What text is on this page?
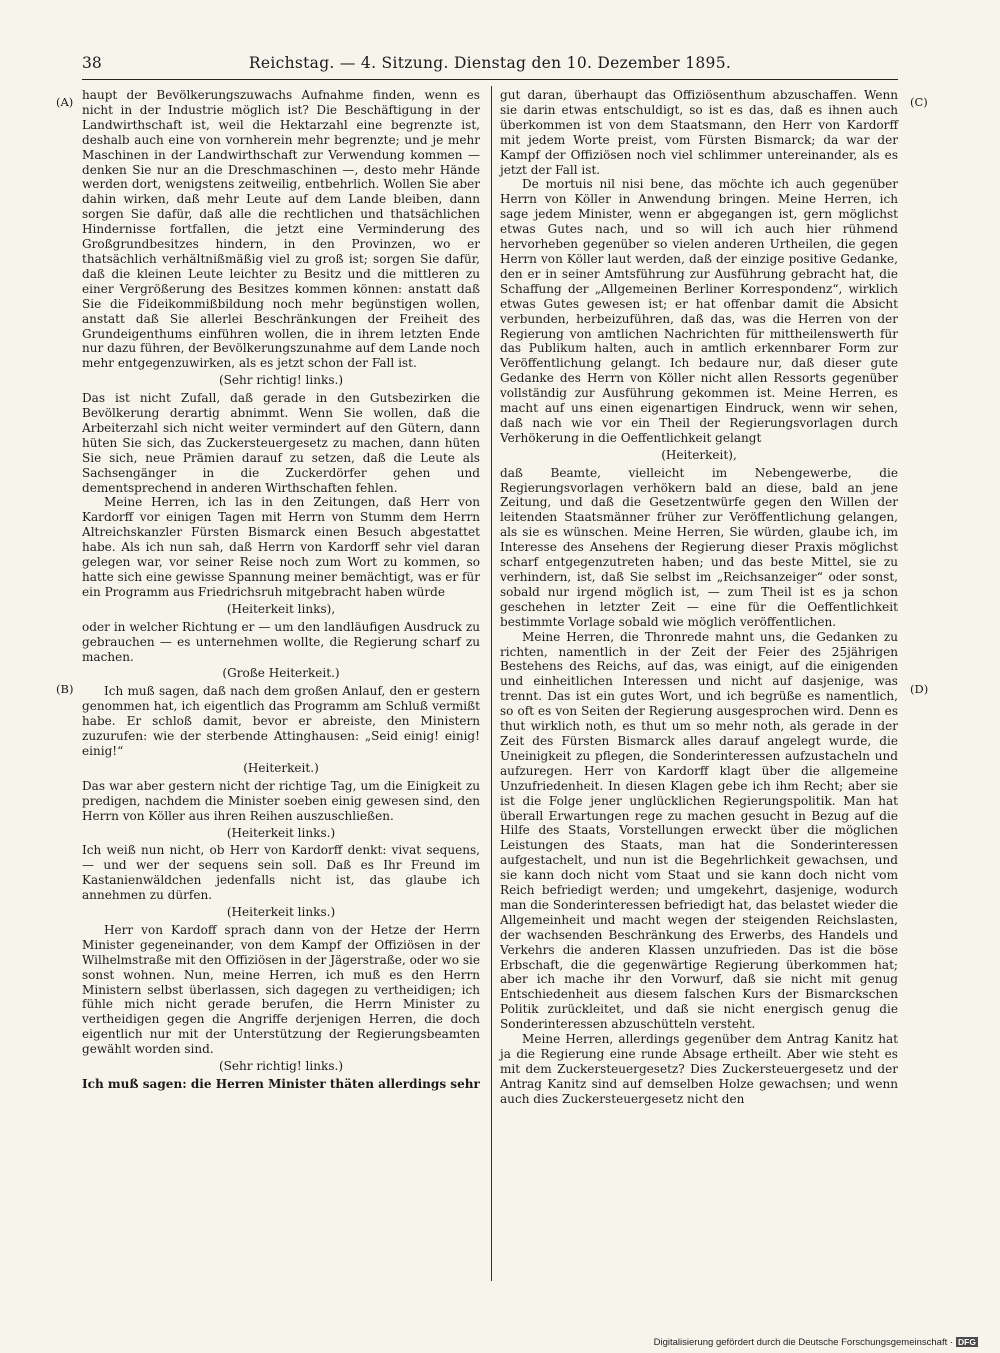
38	Reichstag. — 4. Sitzung. Dienstag den 10. Dezember 1895.
(A)
(B)
(C)
(D)

haupt der Bevölkerungszuwachs Aufnahme finden, wenn es nicht in der Industrie möglich ist? Die Beschäftigung in der Landwirthschaft ist, weil die Hektarzahl eine begrenzte ist, deshalb auch eine von vornherein mehr begrenzte; und je mehr Maschinen in der Landwirthschaft zur Verwendung kommen — denken Sie nur an die Dreschmaschinen —, desto mehr Hände werden dort, wenigstens zeitweilig, entbehrlich. Wollen Sie aber dahin wirken, daß mehr Leute auf dem Lande bleiben, dann sorgen Sie dafür, daß alle die rechtlichen und thatsächlichen Hindernisse fortfallen, die jetzt eine Verminderung des Großgrundbesitzes hindern, in den Provinzen, wo er thatsächlich verhältnißmäßig viel zu groß ist; sorgen Sie dafür, daß die kleinen Leute leichter zu Besitz und die mittleren zu einer Vergrößerung des Besitzes kommen können: anstatt daß Sie die Fideikommißbildung noch mehr begünstigen wollen, anstatt daß Sie allerlei Beschränkungen der Freiheit des Grundeigenthums einführen wollen, die in ihrem letzten Ende nur dazu führen, der Bevölkerungszunahme auf dem Lande noch mehr entgegenzuwirken, als es jetzt schon der Fall ist.

(Sehr richtig! links.)

Das ist nicht Zufall, daß gerade in den Gutsbezirken die Bevölkerung derartig abnimmt. Wenn Sie wollen, daß die Arbeiterzahl sich nicht weiter vermindert auf den Gütern, dann hüten Sie sich, das Zuckersteuergesetz zu machen, dann hüten Sie sich, neue Prämien darauf zu setzen, daß die Leute als Sachsengänger in die Zuckerdörfer gehen und dementsprechend in anderen Wirthschaften fehlen.

Meine Herren, ich las in den Zeitungen, daß Herr von Kardorff vor einigen Tagen mit Herrn von Stumm dem Herrn Altreichskanzler Fürsten Bismarck einen Besuch abgestattet habe. Als ich nun sah, daß Herrn von Kardorff sehr viel daran gelegen war, vor seiner Reise noch zum Wort zu kommen, so hatte sich eine gewisse Spannung meiner bemächtigt, was er für ein Programm aus Friedrichsruh mitgebracht haben würde

(Heiterkeit links),

oder in welcher Richtung er — um den landläufigen Ausdruck zu gebrauchen — es unternehmen wollte, die Regierung scharf zu machen.

(Große Heiterkeit.)

Ich muß sagen, daß nach dem großen Anlauf, den er gestern genommen hat, ich eigentlich das Programm am Schluß vermißt habe. Er schloß damit, bevor er abreiste, den Ministern zuzurufen: wie der sterbende Attinghausen: „Seid einig! einig! einig!“

(Heiterkeit.)

Das war aber gestern nicht der richtige Tag, um die Einigkeit zu predigen, nachdem die Minister soeben einig gewesen sind, den Herrn von Köller aus ihren Reihen auszuschließen.

(Heiterkeit links.)

Ich weiß nun nicht, ob Herr von Kardorff denkt: vivat sequens, — und wer der sequens sein soll. Daß es Ihr Freund im Kastanienwäldchen jedenfalls nicht ist, das glaube ich annehmen zu dürfen.

(Heiterkeit links.)

Herr von Kardoff sprach dann von der Hetze der Herrn Minister gegeneinander, von dem Kampf der Offiziösen in der Wilhelmstraße mit den Offiziösen in der Jägerstraße, oder wo sie sonst wohnen. Nun, meine Herren, ich muß es den Herrn Ministern selbst überlassen, sich dagegen zu vertheidigen; ich fühle mich nicht gerade berufen, die Herrn Minister zu vertheidigen gegen die Angriffe derjenigen Herren, die doch eigentlich nur mit der Unterstützung der Regierungsbeamten gewählt worden sind.

(Sehr richtig! links.)

Ich muß sagen: die Herren Minister thäten allerdings sehr

gut daran, überhaupt das Offiziösenthum abzuschaffen. Wenn sie darin etwas entschuldigt, so ist es das, daß es ihnen auch überkommen ist von dem Staatsmann, den Herr von Kardorff mit jedem Worte preist, vom Fürsten Bismarck; da war der Kampf der Offiziösen noch viel schlimmer untereinander, als es jetzt der Fall ist.

De mortuis nil nisi bene, das möchte ich auch gegenüber Herrn von Köller in Anwendung bringen. Meine Herren, ich sage jedem Minister, wenn er abgegangen ist, gern möglichst etwas Gutes nach, und so will ich auch hier rühmend hervorheben gegenüber so vielen anderen Urtheilen, die gegen Herrn von Köller laut werden, daß der einzige positive Gedanke, den er in seiner Amtsführung zur Ausführung gebracht hat, die Schaffung der „Allgemeinen Berliner Korrespondenz“, wirklich etwas Gutes gewesen ist; er hat offenbar damit die Absicht verbunden, herbeizuführen, daß das, was die Herren von der Regierung von amtlichen Nachrichten für mittheilenswerth für das Publikum halten, auch in amtlich erkennbarer Form zur Veröffentlichung gelangt. Ich bedaure nur, daß dieser gute Gedanke des Herrn von Köller nicht allen Ressorts gegenüber vollständig zur Ausführung gekommen ist. Meine Herren, es macht auf uns einen eigenartigen Eindruck, wenn wir sehen, daß nach wie vor ein Theil der Regierungsvorlagen durch Verhökerung in die Oeffentlichkeit gelangt

(Heiterkeit),

daß Beamte, vielleicht im Nebengewerbe, die Regierungsvorlagen verhökern bald an diese, bald an jene Zeitung, und daß die Gesetzentwürfe gegen den Willen der leitenden Staatsmänner früher zur Veröffentlichung gelangen, als sie es wünschen. Meine Herren, Sie würden, glaube ich, im Interesse des Ansehens der Regierung dieser Praxis möglichst scharf entgegenzutreten haben; und das beste Mittel, sie zu verhindern, ist, daß Sie selbst im „Reichsanzeiger“ oder sonst, sobald nur irgend möglich ist, — zum Theil ist es ja schon geschehen in letzter Zeit — eine für die Oeffentlichkeit bestimmte Vorlage sobald wie möglich veröffentlichen.

Meine Herren, die Thronrede mahnt uns, die Gedanken zu richten, namentlich in der Zeit der Feier des 25jährigen Bestehens des Reichs, auf das, was einigt, auf die einigenden und einheitlichen Interessen und nicht auf dasjenige, was trennt. Das ist ein gutes Wort, und ich begrüße es namentlich, so oft es von Seiten der Regierung ausgesprochen wird. Denn es thut wirklich noth, es thut um so mehr noth, als gerade in der Zeit des Fürsten Bismarck alles darauf angelegt wurde, die Uneinigkeit zu pflegen, die Sonderinteressen aufzustacheln und aufzuregen. Herr von Kardorff klagt über die allgemeine Unzufriedenheit. In diesen Klagen gebe ich ihm Recht; aber sie ist die Folge jener unglücklichen Regierungspolitik. Man hat überall Erwartungen rege zu machen gesucht in Bezug auf die Hilfe des Staats, Vorstellungen erweckt über die möglichen Leistungen des Staats, man hat die Sonderinteressen aufgestachelt, und nun ist die Begehrlichkeit gewachsen, und sie kann doch nicht vom Staat und sie kann doch nicht vom Reich befriedigt werden; und umgekehrt, dasjenige, wodurch man die Sonderinteressen befriedigt hat, das belastet wieder die Allgemeinheit und macht wegen der steigenden Reichslasten, der wachsenden Beschränkung des Erwerbs, des Handels und Verkehrs die anderen Klassen unzufrieden. Das ist die böse Erbschaft, die die gegenwärtige Regierung überkommen hat; aber ich mache ihr den Vorwurf, daß sie nicht mit genug Entschiedenheit aus diesem falschen Kurs der Bismarckschen Politik zurückleitet, und daß sie nicht energisch genug die Sonderinteressen abzuschütteln versteht.

Meine Herren, allerdings gegenüber dem Antrag Kanitz hat ja die Regierung eine runde Absage ertheilt. Aber wie steht es mit dem Zuckersteuergesetz? Dies Zuckersteuergesetz und der Antrag Kanitz sind auf demselben Holze gewachsen; und wenn auch dies Zuckersteuergesetz nicht den

Digitalisierung gefördert durch die Deutsche Forschungsgemeinschaft · DFG
